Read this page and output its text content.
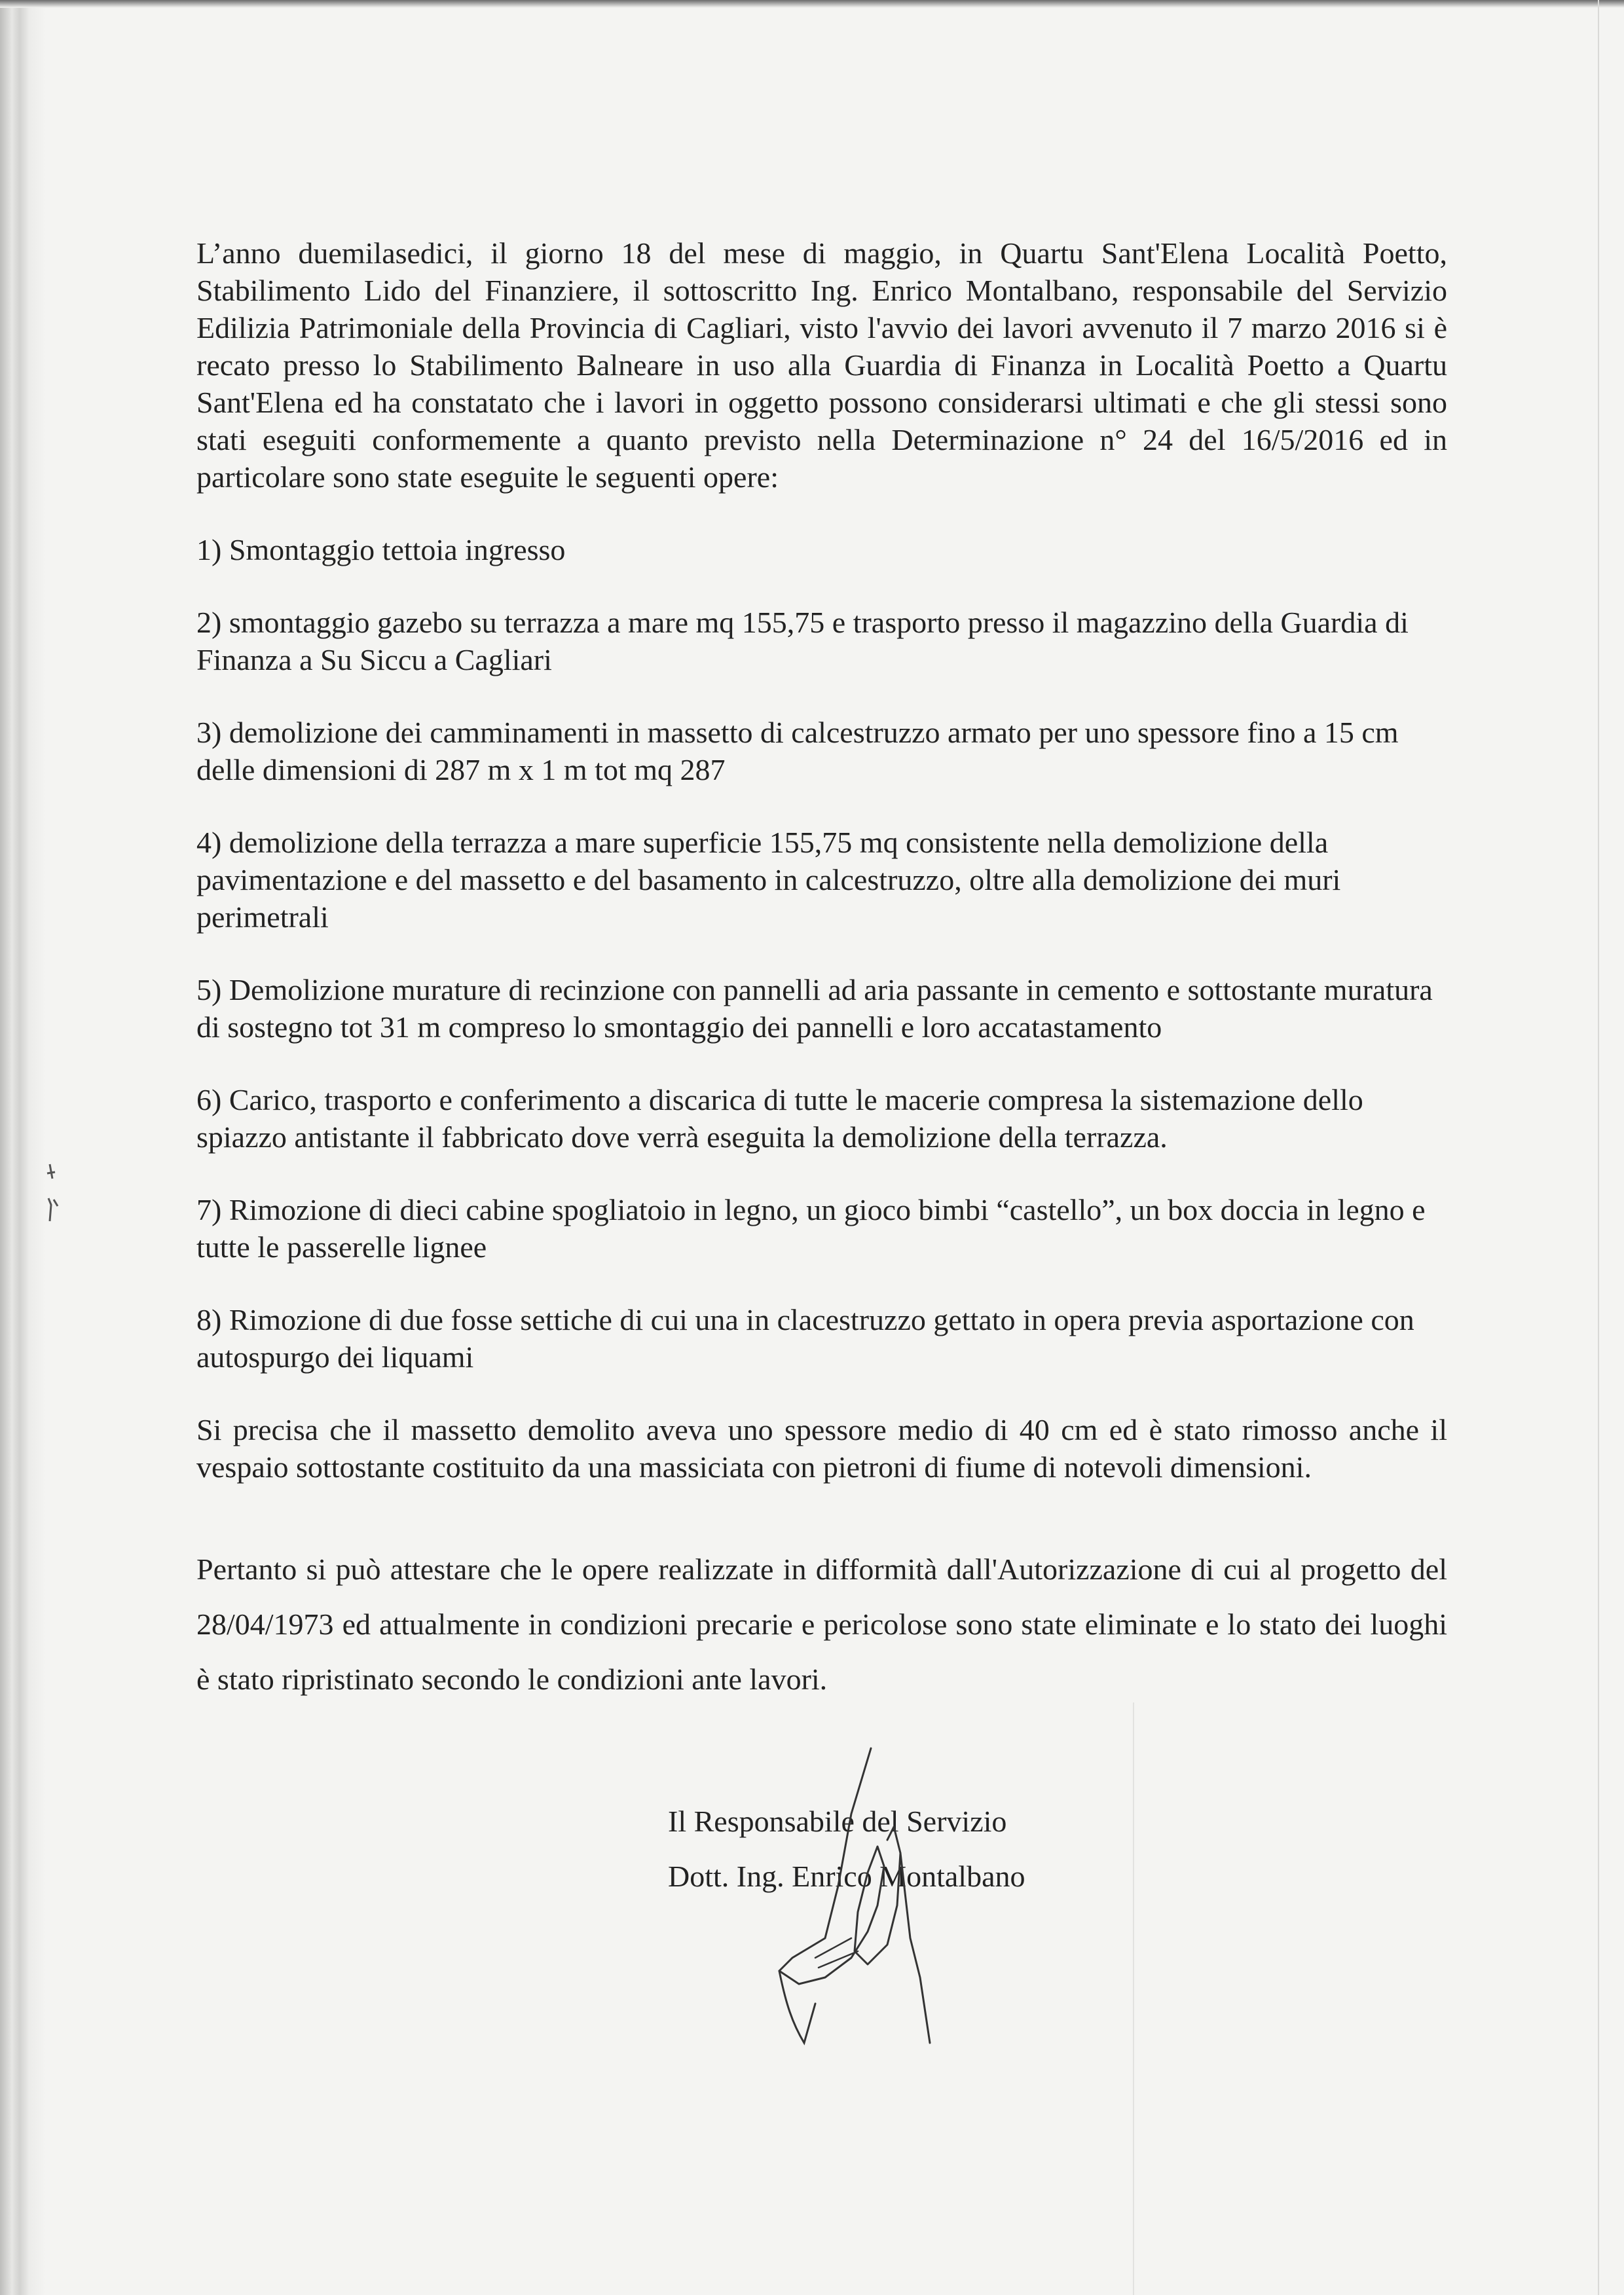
L’anno duemilasedici, il giorno 18 del mese di maggio, in Quartu Sant'Elena Località Poetto, Stabilimento Lido del Finanziere, il sottoscritto Ing. Enrico Montalbano, responsabile del Servizio Edilizia Patrimoniale della Provincia di Cagliari, visto l'avvio dei lavori avvenuto il 7 marzo 2016 si è recato presso lo Stabilimento Balneare in uso alla Guardia di Finanza in Località Poetto a Quartu Sant'Elena ed ha constatato che i lavori in oggetto possono considerarsi ultimati e che gli stessi sono stati eseguiti conformemente a quanto previsto nella Determinazione n° 24 del 16/5/2016 ed in particolare sono state eseguite le seguenti opere:

1) Smontaggio tettoia ingresso

2) smontaggio gazebo su terrazza a mare mq 155,75 e trasporto presso il magazzino della Guardia di Finanza a Su Siccu a Cagliari

3) demolizione dei camminamenti in massetto di calcestruzzo armato per uno spessore fino a 15 cm delle dimensioni di 287 m x 1 m tot mq 287

4) demolizione della terrazza a mare superficie 155,75 mq consistente nella demolizione della pavimentazione e del massetto e del basamento in calcestruzzo, oltre alla demolizione dei muri perimetrali

5) Demolizione murature di recinzione con pannelli ad aria passante in cemento e sottostante muratura di sostegno tot 31 m compreso lo smontaggio dei pannelli e loro accatastamento

6) Carico, trasporto e conferimento a discarica di tutte le macerie compresa la sistemazione dello spiazzo antistante il fabbricato dove verrà eseguita la demolizione della terrazza.

7) Rimozione di dieci cabine spogliatoio in legno, un gioco bimbi “castello”, un box doccia in legno e tutte le passerelle lignee

8) Rimozione di due fosse settiche di cui una in clacestruzzo gettato in opera previa asportazione con autospurgo dei liquami

Si precisa che il massetto demolito aveva uno spessore medio di 40 cm ed è stato rimosso anche il vespaio sottostante costituito da una massiciata con pietroni di fiume di notevoli dimensioni.

Pertanto si può attestare che le opere realizzate in difformità dall'Autorizzazione di cui al progetto del 28/04/1973 ed attualmente in condizioni precarie e pericolose sono state eliminate e lo stato dei luoghi è stato ripristinato secondo le condizioni ante lavori.

Il Responsabile del Servizio
Dott. Ing. Enrico Montalbano
